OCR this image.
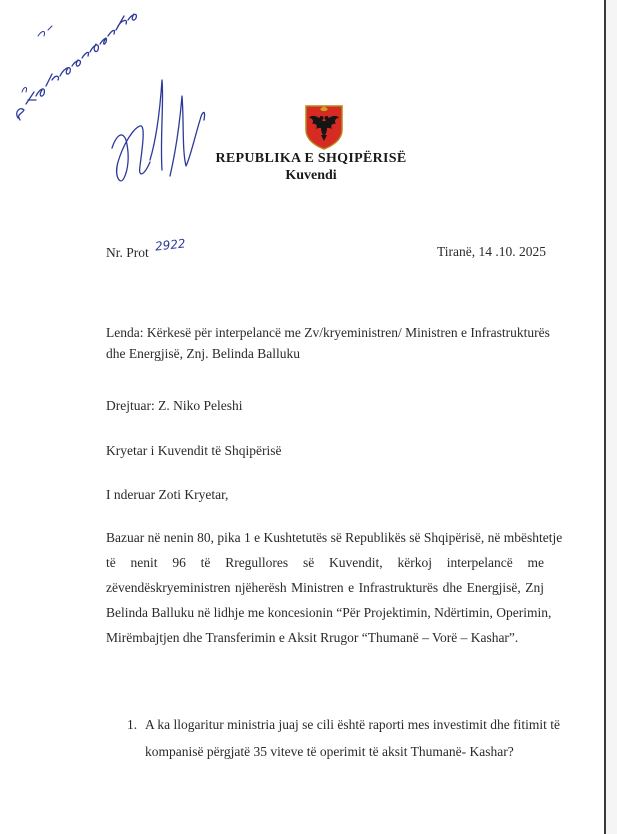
REPUBLIKA E SHQIPËRISË
Kuvendi
Nr. Prot 2922	Tiranë, 14 .10. 2025
Lenda: Kërkesë për interpelancë me Zv/kryeministren/ Ministren e Infrastrukturës
dhe Energjisë, Znj. Belinda Balluku
Drejtuar: Z. Niko Peleshi
Kryetar i Kuvendit të Shqipërisë
I nderuar Zoti Kryetar,
Bazuar në nenin 80, pika 1 e Kushtetutës së Republikës së Shqipërisë, në mbështetje
të nenit 96 të Rregullores së Kuvendit, kërkoj interpelancë me
zëvendëskryeministren njëherësh Ministren e Infrastrukturës dhe Energjisë, Znj
Belinda Balluku në lidhje me koncesionin “Për Projektimin, Ndërtimin, Operimin,
Mirëmbajtjen dhe Transferimin e Aksit Rrugor “Thumanë – Vorë – Kashar”.
1. A ka llogaritur ministria juaj se cili është raporti mes investimit dhe fitimit të
kompanisë përgjatë 35 viteve të operimit të aksit Thumanë- Kashar?
